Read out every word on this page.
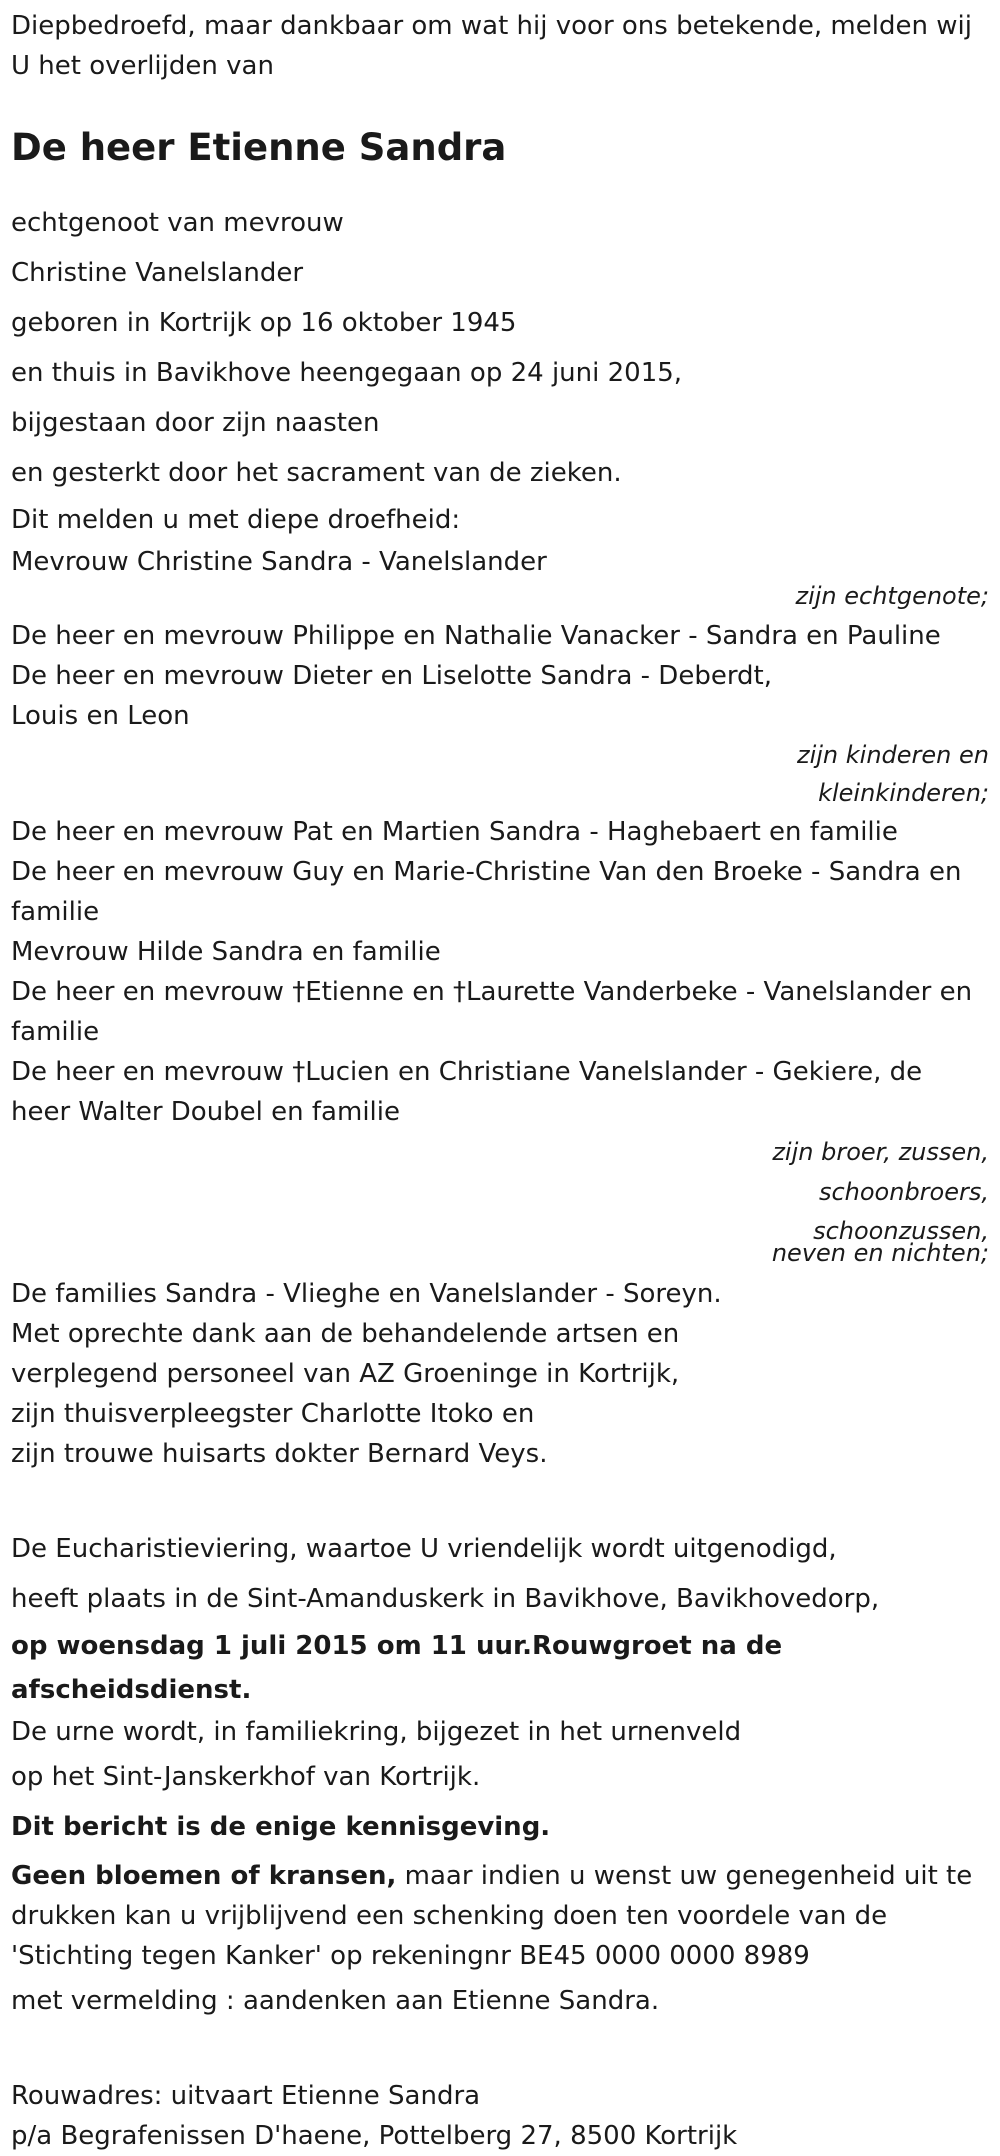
Diepbedroefd, maar dankbaar om wat hij voor ons betekende, melden wij U het overlijden van

De heer Etienne Sandra

echtgenoot van mevrouw

Christine Vanelslander

geboren in Kortrijk op 16 oktober 1945

en thuis in Bavikhove heengegaan op 24 juni 2015,

bijgestaan door zijn naasten

en gesterkt door het sacrament van de zieken.

Dit melden u met diepe droefheid:

Mevrouw Christine Sandra - Vanelslander

zijn echtgenote;

De heer en mevrouw Philippe en Nathalie Vanacker - Sandra en Pauline

De heer en mevrouw Dieter en Liselotte Sandra - Deberdt,

Louis en Leon

zijn kinderen en

kleinkinderen;

De heer en mevrouw Pat en Martien Sandra - Haghebaert en familie

De heer en mevrouw Guy en Marie-Christine Van den Broeke - Sandra en familie

Mevrouw Hilde Sandra en familie

De heer en mevrouw †Etienne en †Laurette Vanderbeke - Vanelslander en familie

De heer en mevrouw †Lucien en Christiane Vanelslander - Gekiere, de heer Walter Doubel en familie

zijn broer, zussen,

schoonbroers,

schoonzussen,

neven en nichten;

De families Sandra - Vlieghe en Vanelslander - Soreyn.

Met oprechte dank aan de behandelende artsen en

verplegend personeel van AZ Groeninge in Kortrijk,

zijn thuisverpleegster Charlotte Itoko en

zijn trouwe huisarts dokter Bernard Veys.

De Eucharistieviering, waartoe U vriendelijk wordt uitgenodigd,

heeft plaats in de Sint-Amanduskerk in Bavikhove, Bavikhovedorp,

op woensdag 1 juli 2015 om 11 uur.Rouwgroet na de afscheidsdienst.

De urne wordt, in familiekring, bijgezet in het urnenveld

op het Sint-Janskerkhof van Kortrijk.

Dit bericht is de enige kennisgeving.

Geen bloemen of kransen, maar indien u wenst uw genegenheid uit te drukken kan u vrijblijvend een schenking doen ten voordele van de 'Stichting tegen Kanker' op rekeningnr BE45 0000 0000 8989

met vermelding : aandenken aan Etienne Sandra.

Rouwadres: uitvaart Etienne Sandra

p/a Begrafenissen D'haene, Pottelberg 27, 8500 Kortrijk
